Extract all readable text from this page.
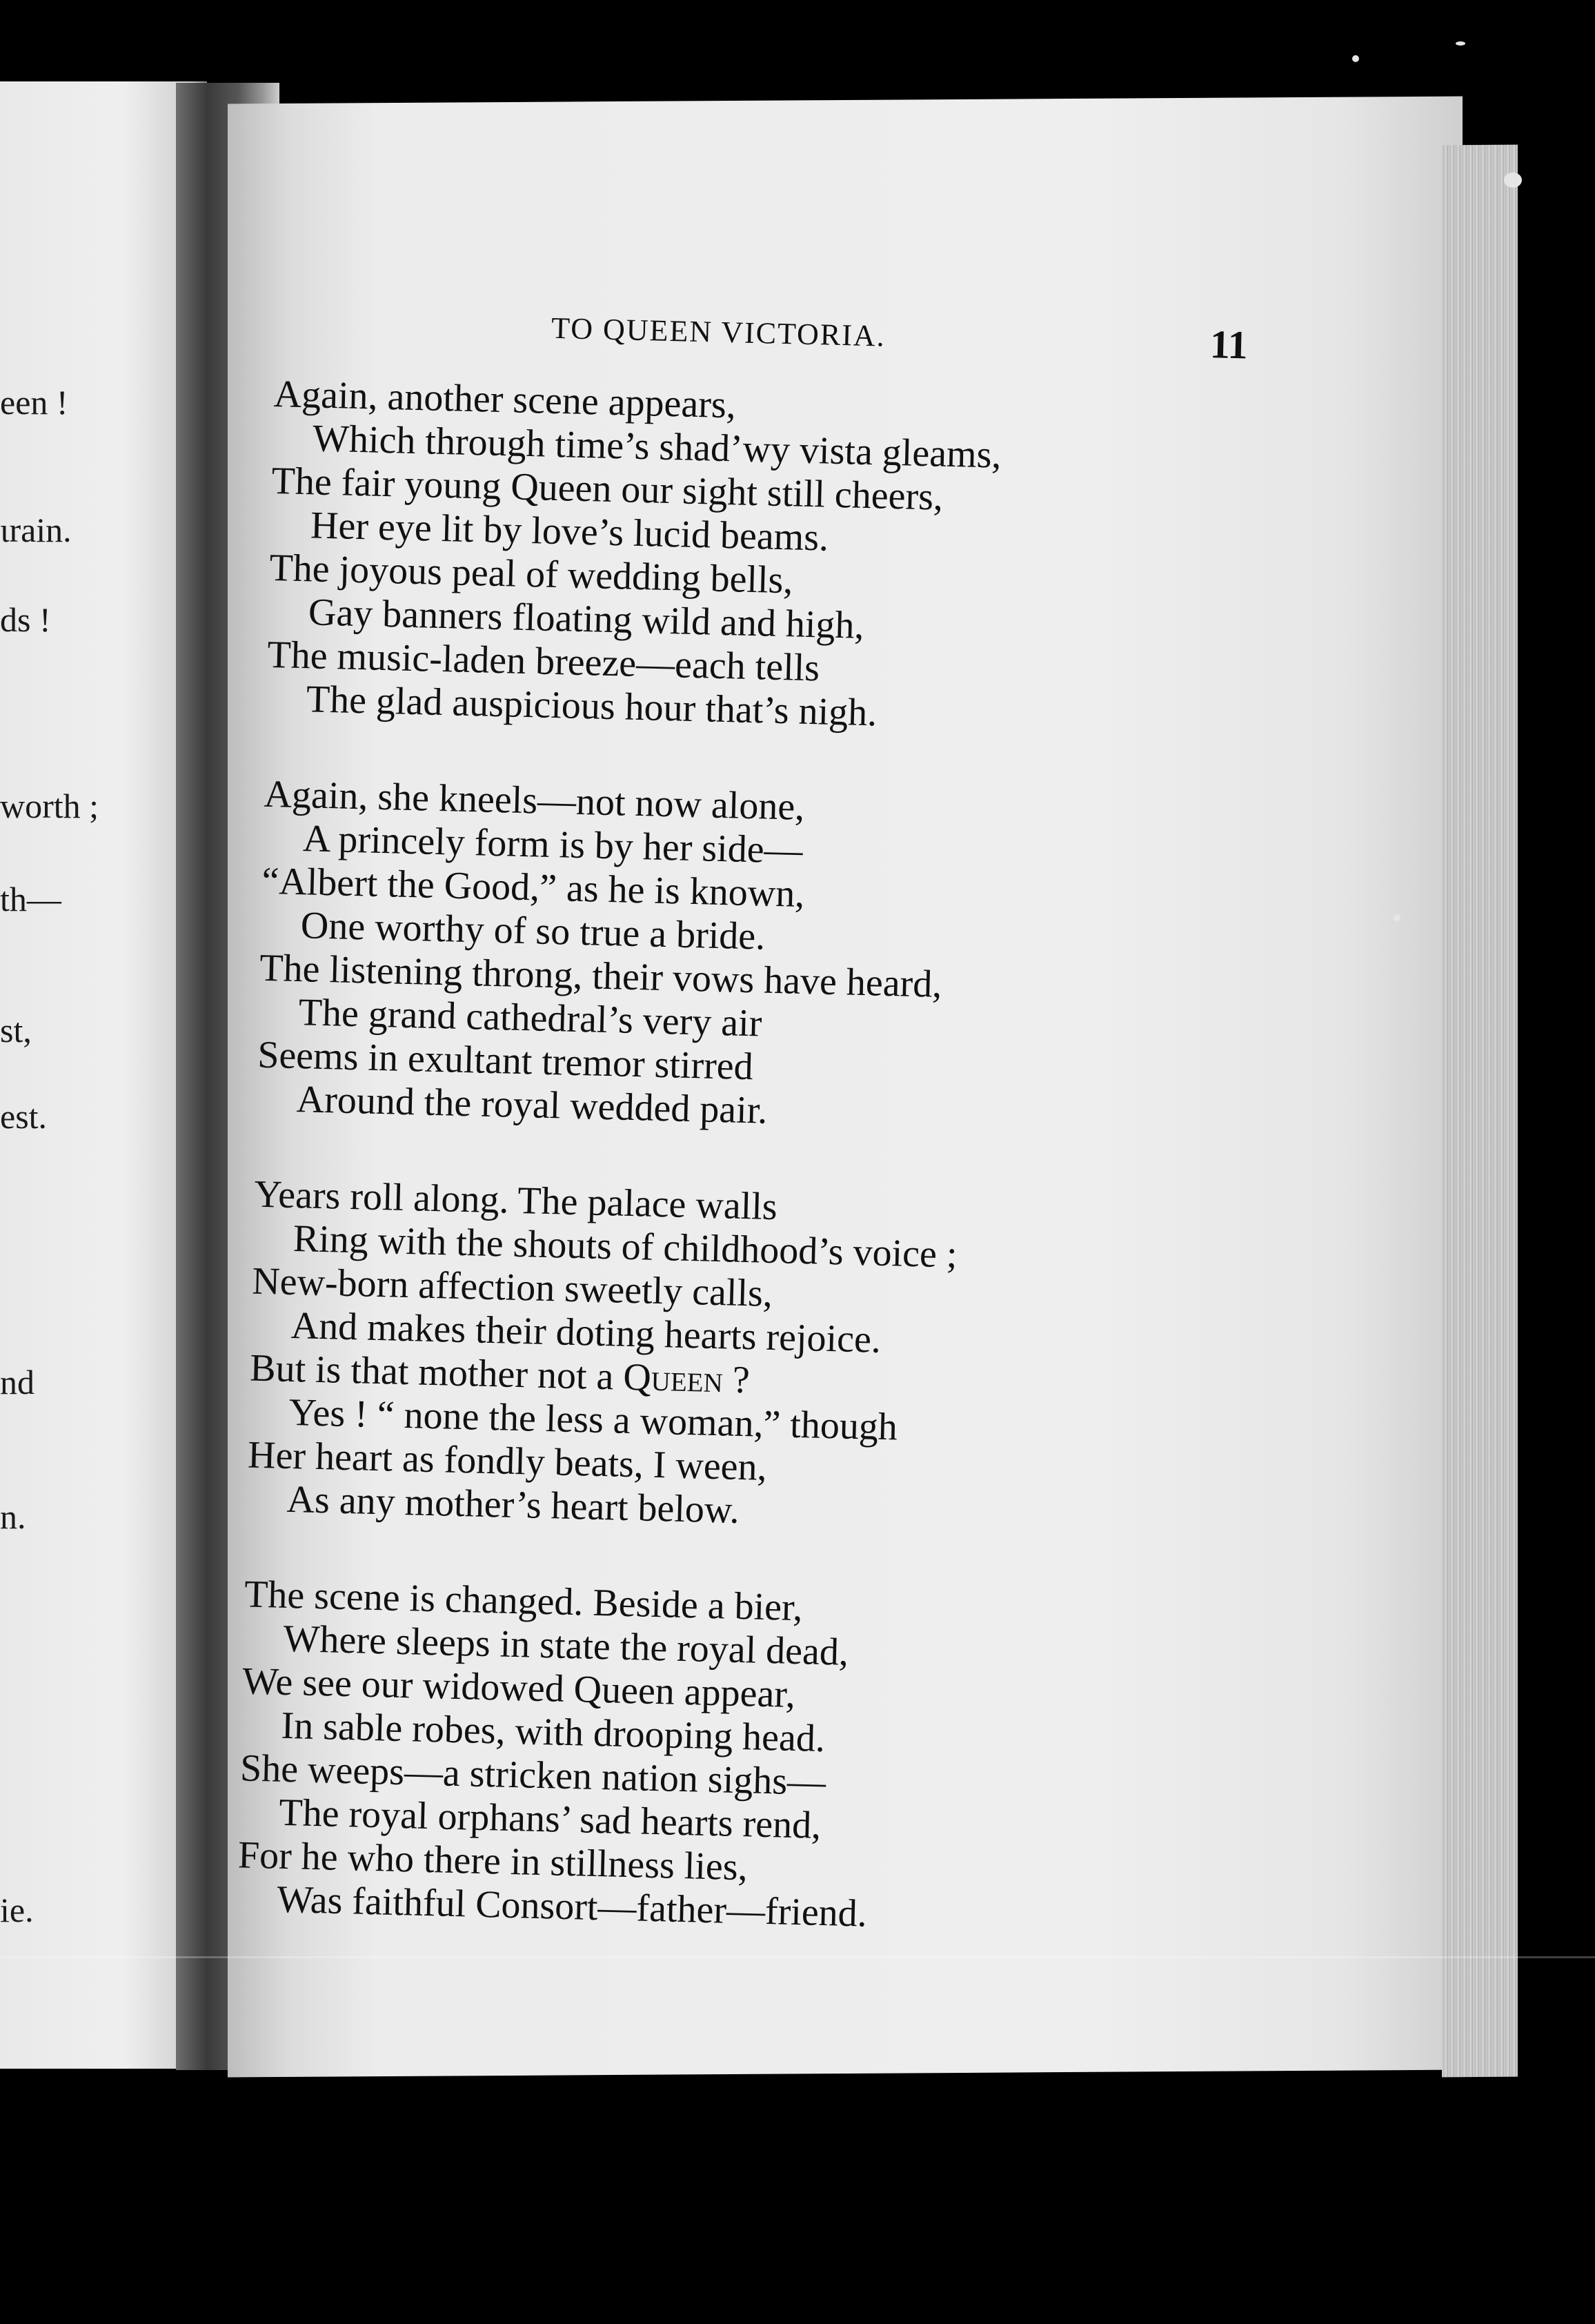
een !
ɩrain.
ds !
worth ;
th—
st,
est.
nd
n.
ie.
TO QUEEN VICTORIA.	11
Again, another scene appears,
Which through time’s shad’wy vista gleams,
The fair young Queen our sight still cheers,
Her eye lit by love’s lucid beams.
The joyous peal of wedding bells,
Gay banners floating wild and high,
The music-laden breeze—each tells
The glad auspicious hour that’s nigh.
Again, she kneels—not now alone,
A princely form is by her side—
“Albert the Good,” as he is known,
One worthy of so true a bride.
The listening throng, their vows have heard,
The grand cathedral’s very air
Seems in exultant tremor stirred
Around the royal wedded pair.
Years roll along. The palace walls
Ring with the shouts of childhood’s voice ;
New-born affection sweetly calls,
And makes their doting hearts rejoice.
But is that mother not a Queen ?
Yes ! “ none the less a woman,” though
Her heart as fondly beats, I ween,
As any mother’s heart below.
The scene is changed. Beside a bier,
Where sleeps in state the royal dead,
We see our widowed Queen appear,
In sable robes, with drooping head.
She weeps—a stricken nation sighs—
The royal orphans’ sad hearts rend,
For he who there in stillness lies,
Was faithful Consort—father—friend.
